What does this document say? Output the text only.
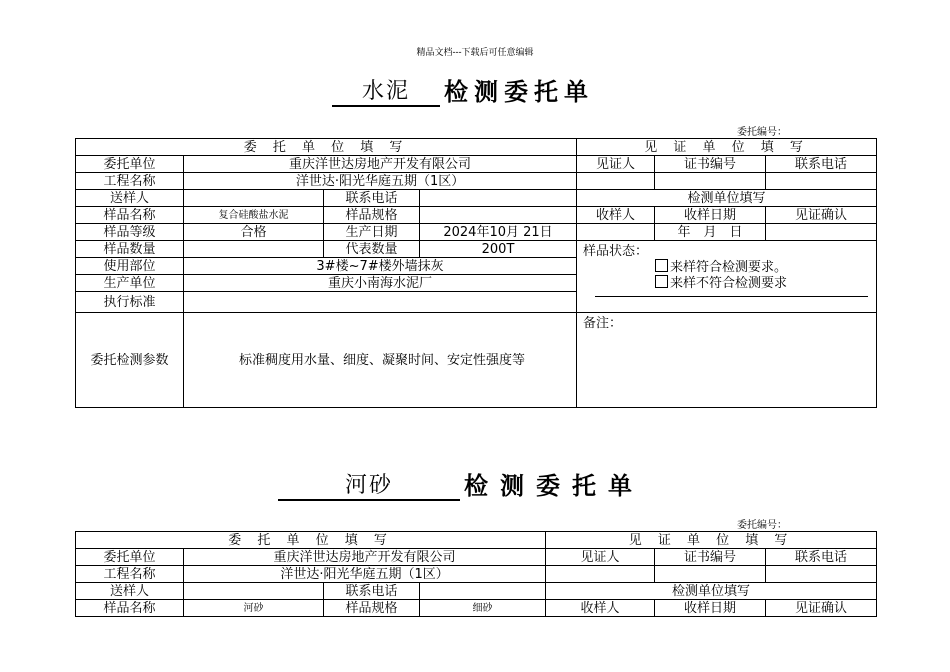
精品文档---下载后可任意编辑
水泥	检测委托单
委托编号：
委 托 单 位 填 写				见 证 单 位 填 写		
委托单位	重庆洋世达房地产开发有限公司			见证人	证书编号	联系电话
工程名称	洋世达·阳光华庭五期（1区）					
送样人		联系电话		检测单位填写		
样品名称	复合硅酸盐水泥	样品规格		收样人	收样日期	见证确认
样品等级	合格	生产日期	2024年10月 21日		年　月　日	
样品数量		代表数量	200T	样品状态：
来样符合检测要求。
来样不符合检测要求		

使用部位	3#楼~7#楼外墙抹灰					
生产单位	重庆小南海水泥厂					
执行标准						
委托检测参数	标准稠度用水量、细度、凝聚时间、安定性强度等			备注：		
河砂	检测委托单
委托编号：
委 托 单 位 填 写				见 证 单 位 填 写		
委托单位	重庆洋世达房地产开发有限公司			见证人	证书编号	联系电话
工程名称	洋世达·阳光华庭五期（1区）					
送样人		联系电话		检测单位填写		
样品名称	河砂	样品规格	细砂	收样人	收样日期	见证确认
